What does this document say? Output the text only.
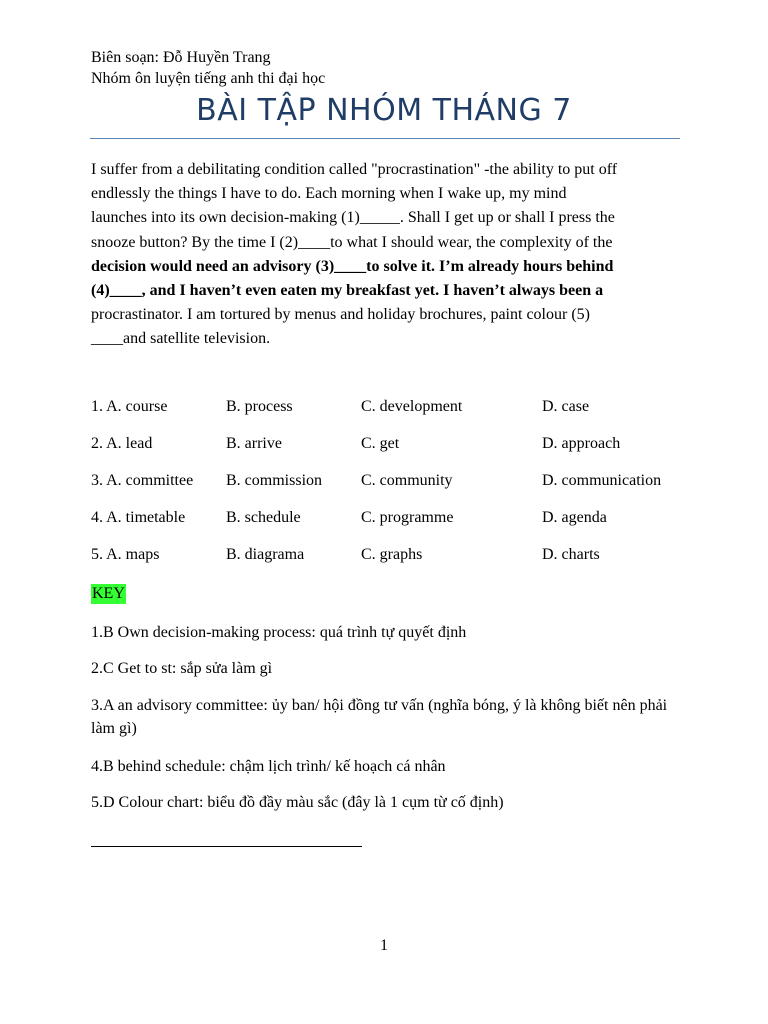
Biên soạn: Đỗ Huyền Trang
Nhóm ôn luyện tiếng anh thi đại học
BÀI TẬP NHÓM THÁNG 7
I suffer from a debilitating condition called "procrastination" -the ability to put off
endlessly the things I have to do. Each morning when I wake up, my mind
launches into its own decision-making (1)_____. Shall I get up or shall I press the
snooze button? By the time I (2)____to what I should wear, the complexity of the
decision would need an advisory (3)____to solve it. I’m already hours behind
(4)____, and I haven’t even eaten my breakfast yet. I haven’t always been a
procrastinator. I am tortured by menus and holiday brochures, paint colour (5)
____and satellite television.
1. A. course	B. process	C. development	D. case
2. A. lead	B. arrive	C. get	D. approach
3. A. committee B. commission C. community	D. communication
4. A. timetable	B. schedule	C. programme	D. agenda
5. A. maps	B. diagrama	C. graphs	D. charts
KEY
1.B Own decision-making process: quá trình tự quyết định
2.C Get to st: sắp sửa làm gì
3.A an advisory committee: ủy ban/ hội đồng tư vấn (nghĩa bóng, ý là không biết nên phải làm gì)
4.B behind schedule: chậm lịch trình/ kế hoạch cá nhân
5.D Colour chart: biểu đồ đầy màu sắc (đây là 1 cụm từ cố định)
1
